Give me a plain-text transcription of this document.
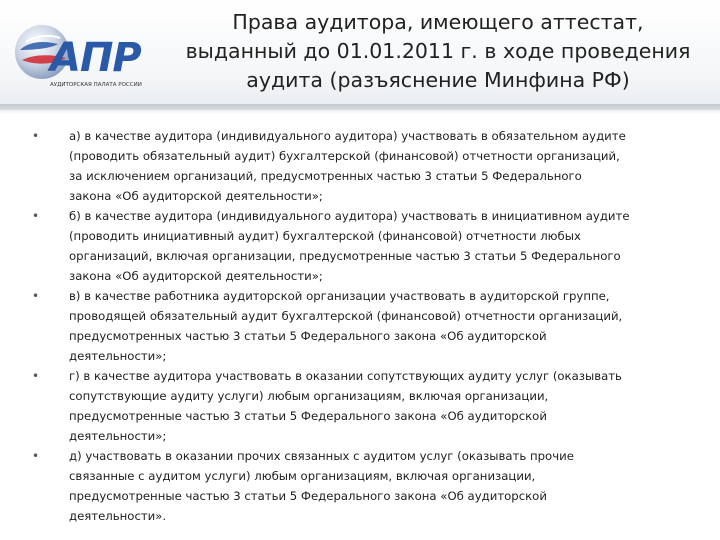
АПР
АУДИТОРСКАЯ ПАЛАТА РОССИИ
Права аудитора, имеющего аттестат,
выданный до 01.01.2011 г. в ходе проведения
аудита (разъяснение Минфина РФ)
•	а) в качестве аудитора (индивидуального аудитора) участвовать в обязательном аудите
(проводить обязательный аудит) бухгалтерской (финансовой) отчетности организаций,
за исключением организаций, предусмотренных частью 3 статьи 5 Федерального
закона «Об аудиторской деятельности»;
•	б) в качестве аудитора (индивидуального аудитора) участвовать в инициативном аудите
(проводить инициативный аудит) бухгалтерской (финансовой) отчетности любых
организаций, включая организации, предусмотренные частью 3 статьи 5 Федерального
закона «Об аудиторской деятельности»;
•	в) в качестве работника аудиторской организации участвовать в аудиторской группе,
проводящей обязательный аудит бухгалтерской (финансовой) отчетности организаций,
предусмотренных частью 3 статьи 5 Федерального закона «Об аудиторской
деятельности»;
•	г) в качестве аудитора участвовать в оказании сопутствующих аудиту услуг (оказывать
сопутствующие аудиту услуги) любым организациям, включая организации,
предусмотренные частью 3 статьи 5 Федерального закона «Об аудиторской
деятельности»;
•	д) участвовать в оказании прочих связанных с аудитом услуг (оказывать прочие
связанные с аудитом услуги) любым организациям, включая организации,
предусмотренные частью 3 статьи 5 Федерального закона «Об аудиторской
деятельности».
